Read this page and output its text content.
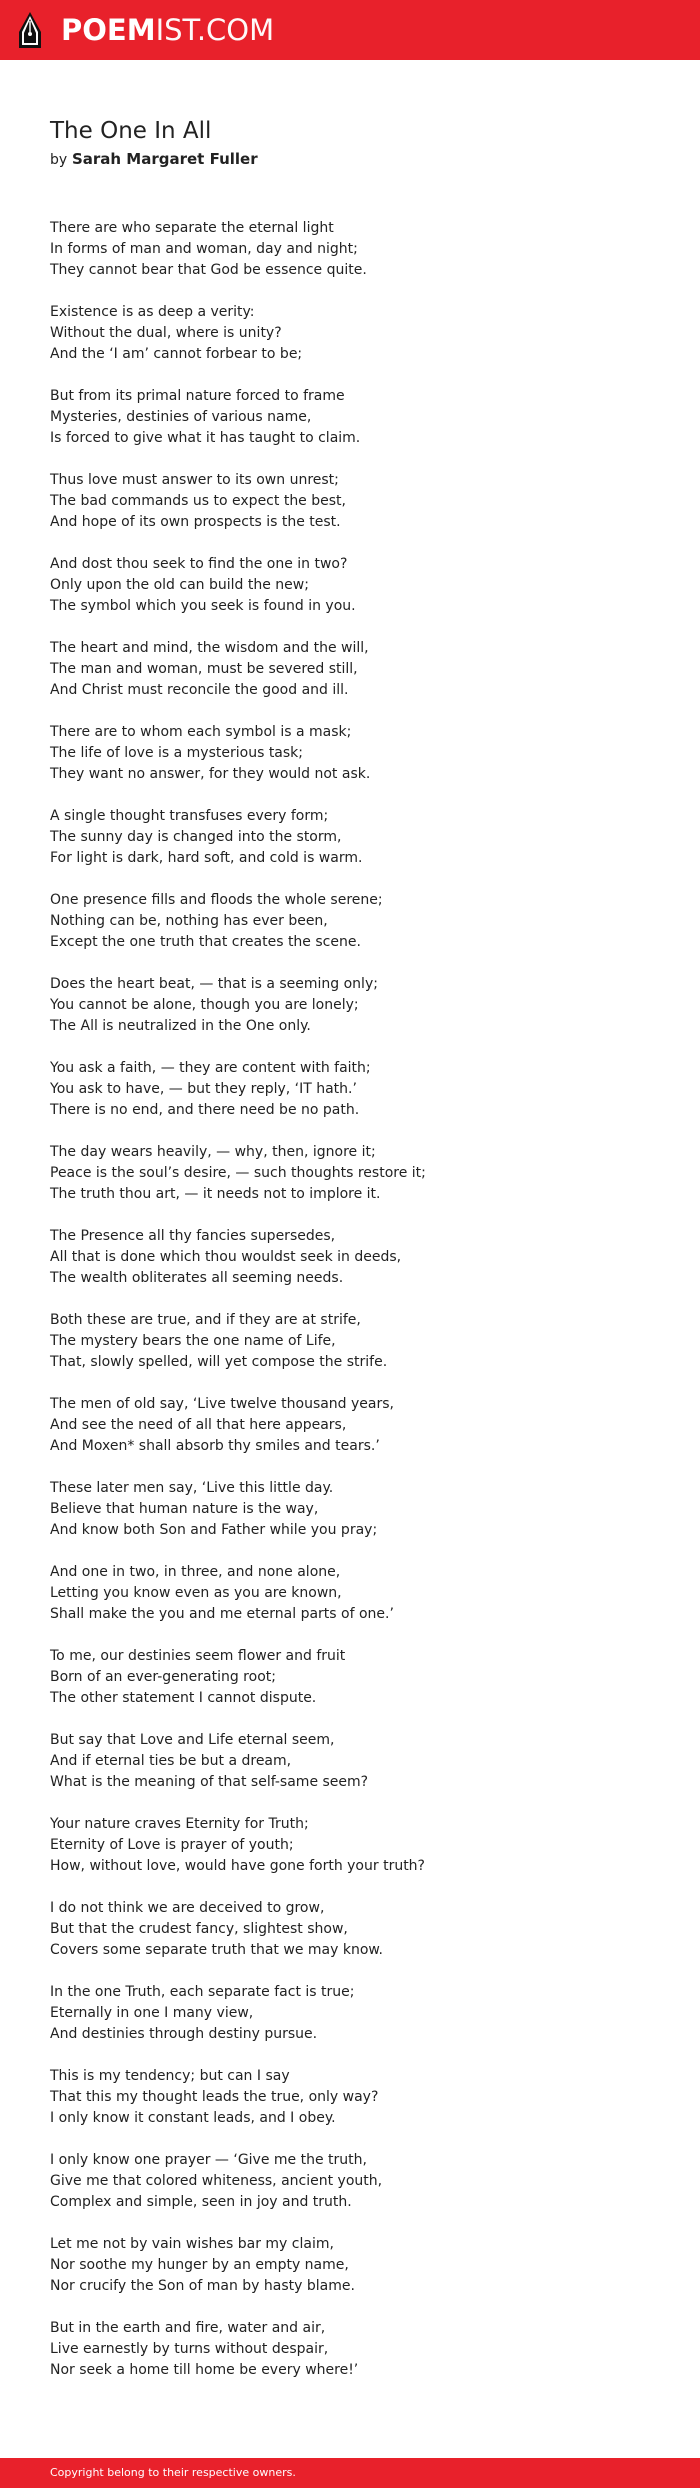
POEMIST.COM
The One In All
by Sarah Margaret Fuller
There are who separate the eternal light
In forms of man and woman, day and night;
They cannot bear that God be essence quite.
Existence is as deep a verity:
Without the dual, where is unity?
And the ‘I am’ cannot forbear to be;
But from its primal nature forced to frame
Mysteries, destinies of various name,
Is forced to give what it has taught to claim.
Thus love must answer to its own unrest;
The bad commands us to expect the best,
And hope of its own prospects is the test.
And dost thou seek to find the one in two?
Only upon the old can build the new;
The symbol which you seek is found in you.
The heart and mind, the wisdom and the will,
The man and woman, must be severed still,
And Christ must reconcile the good and ill.
There are to whom each symbol is a mask;
The life of love is a mysterious task;
They want no answer, for they would not ask.
A single thought transfuses every form;
The sunny day is changed into the storm,
For light is dark, hard soft, and cold is warm.
One presence fills and floods the whole serene;
Nothing can be, nothing has ever been,
Except the one truth that creates the scene.
Does the heart beat, — that is a seeming only;
You cannot be alone, though you are lonely;
The All is neutralized in the One only.
You ask a faith, — they are content with faith;
You ask to have, — but they reply, ‘IT hath.’
There is no end, and there need be no path.
The day wears heavily, — why, then, ignore it;
Peace is the soul’s desire, — such thoughts restore it;
The truth thou art, — it needs not to implore it.
The Presence all thy fancies supersedes,
All that is done which thou wouldst seek in deeds,
The wealth obliterates all seeming needs.
Both these are true, and if they are at strife,
The mystery bears the one name of Life,
That, slowly spelled, will yet compose the strife.
The men of old say, ‘Live twelve thousand years,
And see the need of all that here appears,
And Moxen* shall absorb thy smiles and tears.’
These later men say, ‘Live this little day.
Believe that human nature is the way,
And know both Son and Father while you pray;
And one in two, in three, and none alone,
Letting you know even as you are known,
Shall make the you and me eternal parts of one.’
To me, our destinies seem flower and fruit
Born of an ever-generating root;
The other statement I cannot dispute.
But say that Love and Life eternal seem,
And if eternal ties be but a dream,
What is the meaning of that self-same seem?
Your nature craves Eternity for Truth;
Eternity of Love is prayer of youth;
How, without love, would have gone forth your truth?
I do not think we are deceived to grow,
But that the crudest fancy, slightest show,
Covers some separate truth that we may know.
In the one Truth, each separate fact is true;
Eternally in one I many view,
And destinies through destiny pursue.
This is my tendency; but can I say
That this my thought leads the true, only way?
I only know it constant leads, and I obey.
I only know one prayer — ‘Give me the truth,
Give me that colored whiteness, ancient youth,
Complex and simple, seen in joy and truth.
Let me not by vain wishes bar my claim,
Nor soothe my hunger by an empty name,
Nor crucify the Son of man by hasty blame.
But in the earth and fire, water and air,
Live earnestly by turns without despair,
Nor seek a home till home be every where!’
Copyright belong to their respective owners.
